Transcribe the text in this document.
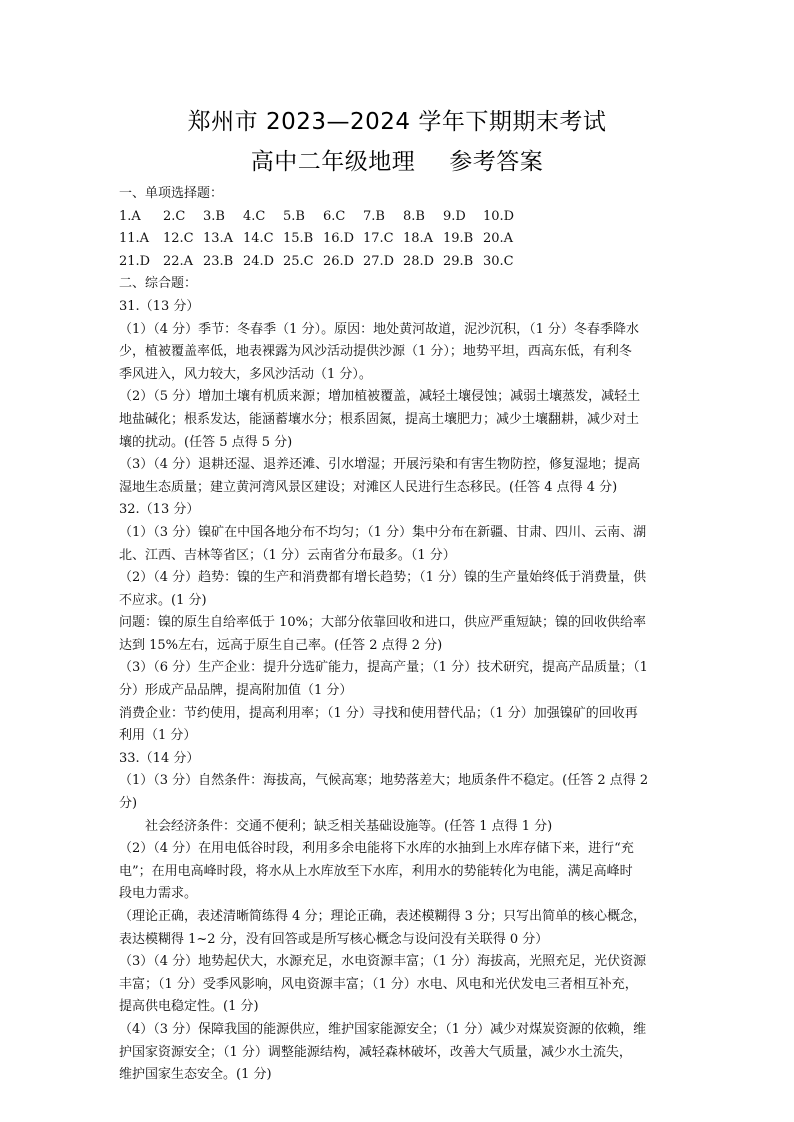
郑州市 2023—2024 学年下期期末考试
高中二年级地理 参考答案
一、单项选择题：
1.A 2.C 3.B 4.C 5.B 6.C 7.B 8.B 9.D 10.D
11.A 12.C 13.A 14.C 15.B 16.D 17.C 18.A 19.B 20.A
21.D 22.A 23.B 24.D 25.C 26.D 27.D 28.D 29.B 30.C
二、综合题：
31.（13 分）
（1）（4 分）季节：冬春季（1 分）。原因：地处黄河故道，泥沙沉积，（1 分）冬春季降水
少，植被覆盖率低，地表裸露为风沙活动提供沙源（1 分）；地势平坦，西高东低，有利冬
季风进入，风力较大，多风沙活动（1 分）。
（2）（5 分）增加土壤有机质来源；增加植被覆盖，减轻土壤侵蚀；减弱土壤蒸发，减轻土
地盐碱化；根系发达，能涵蓄壤水分；根系固氮，提高土壤肥力；减少土壤翻耕，减少对土
壤的扰动。(任答 5 点得 5 分)
（3）（4 分）退耕还湿、退养还滩、引水增湿；开展污染和有害生物防控，修复湿地；提高
湿地生态质量；建立黄河湾风景区建设；对滩区人民进行生态移民。(任答 4 点得 4 分)
32.（13 分）
（1）（3 分）镍矿在中国各地分布不均匀；（1 分）集中分布在新疆、甘肃、四川、云南、湖
北、江西、吉林等省区；（1 分）云南省分布最多。（1 分）
（2）（4 分）趋势：镍的生产和消费都有增长趋势；（1 分）镍的生产量始终低于消费量，供
不应求。(1 分)
问题：镍的原生自给率低于 10%；大部分依靠回收和进口，供应严重短缺；镍的回收供给率
达到 15%左右，远高于原生自己率。(任答 2 点得 2 分)
（3）（6 分）生产企业：提升分选矿能力，提高产量；（1 分）技术研究，提高产品质量；（1
分）形成产品品牌，提高附加值（1 分）
消费企业：节约使用，提高利用率；（1 分）寻找和使用替代品；（1 分）加强镍矿的回收再
利用（1 分）
33.（14 分）
（1）（3 分）自然条件：海拔高，气候高寒；地势落差大；地质条件不稳定。(任答 2 点得 2
分)
社会经济条件：交通不便利；缺乏相关基础设施等。(任答 1 点得 1 分)
（2）（4 分）在用电低谷时段，利用多余电能将下水库的水抽到上水库存储下来，进行“充
电”；在用电高峰时段，将水从上水库放至下水库，利用水的势能转化为电能，满足高峰时
段电力需求。
（理论正确，表述清晰简练得 4 分；理论正确，表述模糊得 3 分；只写出简单的核心概念，
表达模糊得 1~2 分，没有回答或是所写核心概念与设问没有关联得 0 分）
（3）（4 分）地势起伏大，水源充足，水电资源丰富；（1 分）海拔高，光照充足，光伏资源
丰富；（1 分）受季风影响，风电资源丰富；（1 分）水电、风电和光伏发电三者相互补充，
提高供电稳定性。(1 分)
（4）（3 分）保障我国的能源供应，维护国家能源安全；（1 分）减少对煤炭资源的依赖，维
护国家资源安全；（1 分）调整能源结构，减轻森林破坏，改善大气质量，减少水土流失，
维护国家生态安全。(1 分)
